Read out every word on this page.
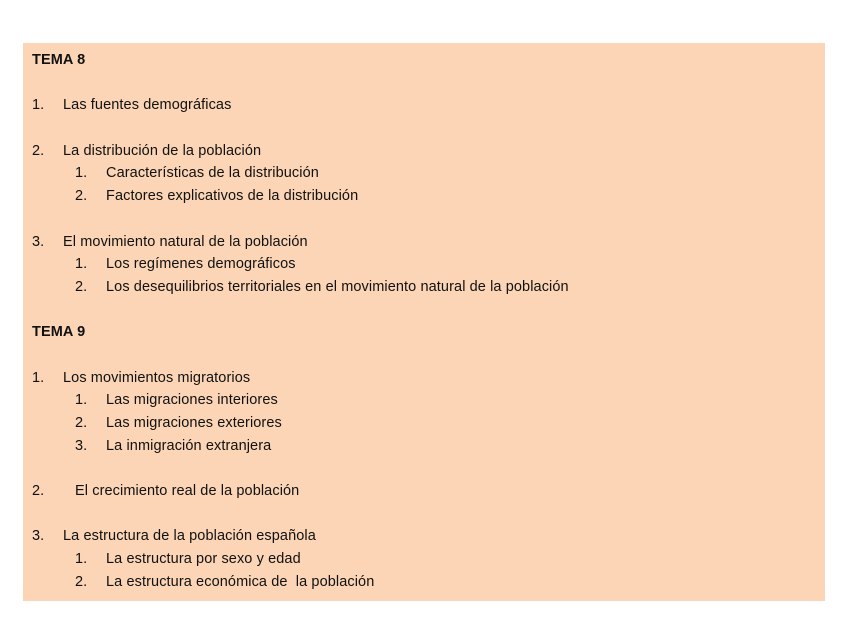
TEMA 8
1. Las fuentes demográficas
2. La distribución de la población
1. Características de la distribución
2. Factores explicativos de la distribución
3. El movimiento natural de la población
1. Los regímenes demográficos
2. Los desequilibrios territoriales en el movimiento natural de la población
TEMA 9
1. Los movimientos migratorios
1. Las migraciones interiores
2. Las migraciones exteriores
3. La inmigración extranjera
2. El crecimiento real de la población
3. La estructura de la población española
1. La estructura por sexo y edad
2. La estructura económica de  la población
